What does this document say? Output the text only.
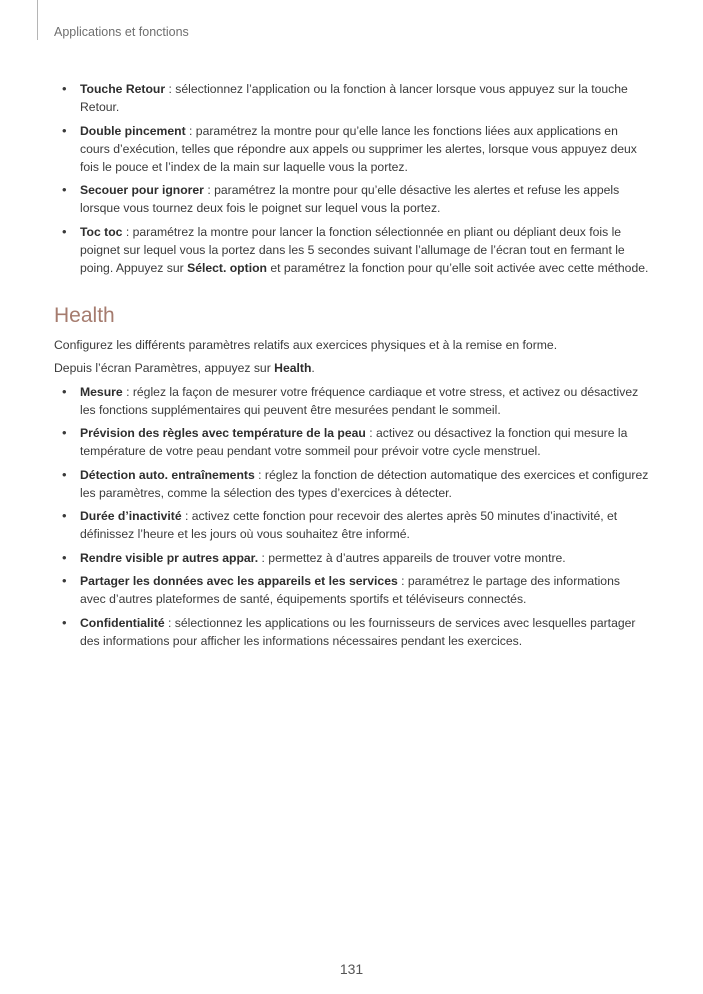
Applications et fonctions
• Touche Retour : sélectionnez l’application ou la fonction à lancer lorsque vous appuyez sur la touche Retour.
• Double pincement : paramétrez la montre pour qu’elle lance les fonctions liées aux applications en cours d’exécution, telles que répondre aux appels ou supprimer les alertes, lorsque vous appuyez deux fois le pouce et l’index de la main sur laquelle vous la portez.
• Secouer pour ignorer : paramétrez la montre pour qu’elle désactive les alertes et refuse les appels lorsque vous tournez deux fois le poignet sur lequel vous la portez.
• Toc toc : paramétrez la montre pour lancer la fonction sélectionnée en pliant ou dépliant deux fois le poignet sur lequel vous la portez dans les 5 secondes suivant l’allumage de l’écran tout en fermant le poing. Appuyez sur Sélect. option et paramétrez la fonction pour qu’elle soit activée avec cette méthode.
Health

Configurez les différents paramètres relatifs aux exercices physiques et à la remise en forme.

Depuis l’écran Paramètres, appuyez sur Health.

• Mesure : réglez la façon de mesurer votre fréquence cardiaque et votre stress, et activez ou désactivez les fonctions supplémentaires qui peuvent être mesurées pendant le sommeil.
• Prévision des règles avec température de la peau : activez ou désactivez la fonction qui mesure la température de votre peau pendant votre sommeil pour prévoir votre cycle menstruel.
• Détection auto. entraînements : réglez la fonction de détection automatique des exercices et configurez les paramètres, comme la sélection des types d’exercices à détecter.
• Durée d’inactivité : activez cette fonction pour recevoir des alertes après 50 minutes d’inactivité, et définissez l’heure et les jours où vous souhaitez être informé.
• Rendre visible pr autres appar. : permettez à d’autres appareils de trouver votre montre.
• Partager les données avec les appareils et les services : paramétrez le partage des informations avec d’autres plateformes de santé, équipements sportifs et téléviseurs connectés.
• Confidentialité : sélectionnez les applications ou les fournisseurs de services avec lesquelles partager des informations pour afficher les informations nécessaires pendant les exercices.
131
